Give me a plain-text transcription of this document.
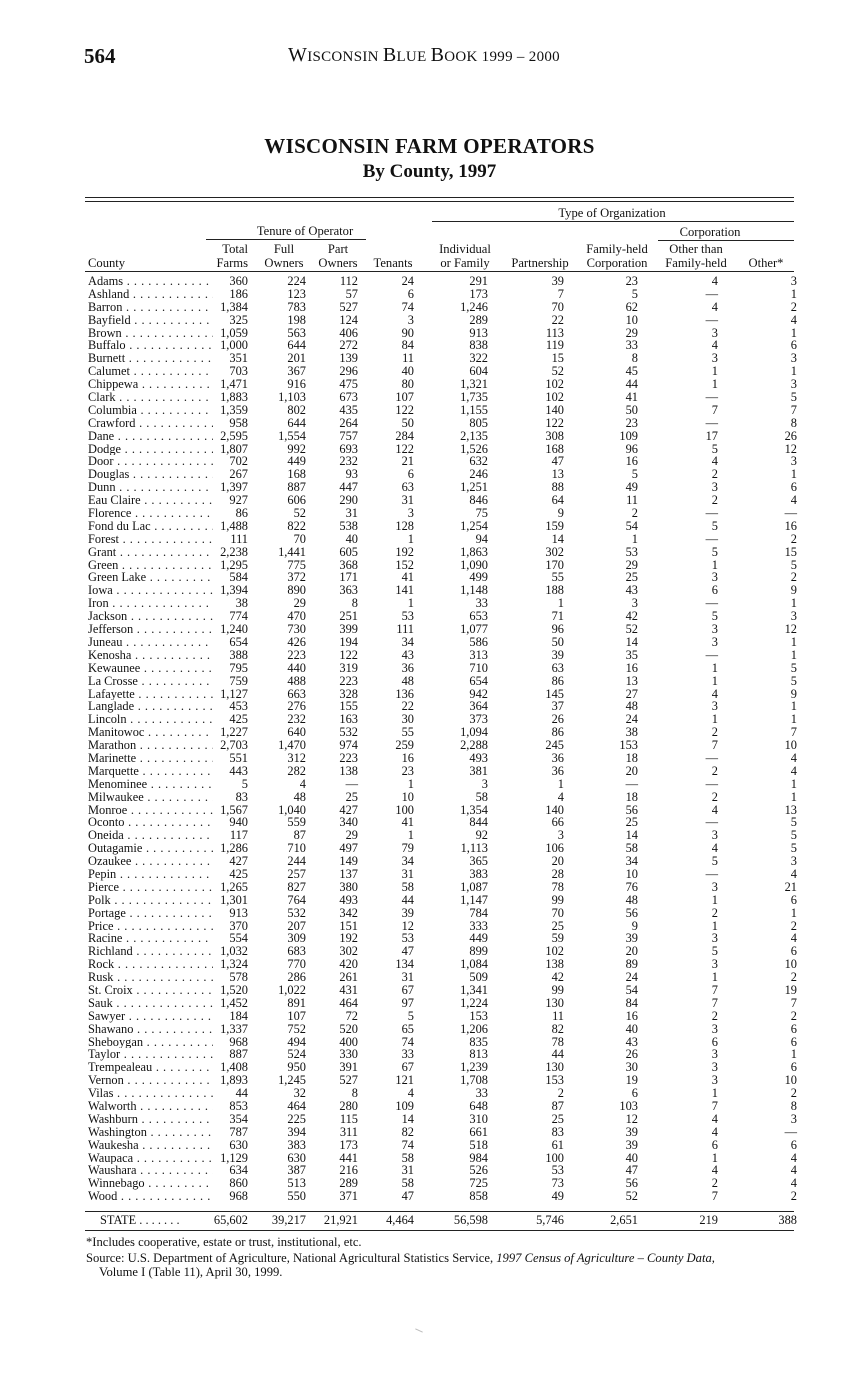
564	WISCONSIN BLUE BOOK 1999 – 2000
WISCONSIN FARM OPERATORS
By County, 1997
Type of Organization
Corporation
Tenure of Operator
County
Total
Farms
Full
Owners
Part
Owners	Tenants
Individual
or Family	Partnership
Family-held
Corporation
Other than
Family-held	Other*
Adams . . .	360	224	112	24	291	39	23	4	3
Ashland . . .	186	123	57	6	173	7	5	—	1
Barron . . .	1,384	783	527	74	1,246	70	62	4	2
Bayfield . . .	325	198	124	3	289	22	10	—	4
Brown . . .	1,059	563	406	90	913	113	29	3	1
Buffalo . . .	1,000	644	272	84	838	119	33	4	6
Burnett . . .	351	201	139	11	322	15	8	3	3
Calumet . . .	703	367	296	40	604	52	45	1	1
Chippewa . . .	1,471	916	475	80	1,321	102	44	1	3
Clark . . .	1,883	1,103	673	107	1,735	102	41	—	5
Columbia . . .	1,359	802	435	122	1,155	140	50	7	7
Crawford . . .	958	644	264	50	805	122	23	—	8
Dane . . .	2,595	1,554	757	284	2,135	308	109	17	26
Dodge . . .	1,807	992	693	122	1,526	168	96	5	12
Door . . .	702	449	232	21	632	47	16	4	3
Douglas . . .	267	168	93	6	246	13	5	2	1
Dunn . . .	1,397	887	447	63	1,251	88	49	3	6
Eau Claire . . .	927	606	290	31	846	64	11	2	4
Florence . . .	86	52	31	3	75	9	2	—	—
Fond du Lac . . .	1,488	822	538	128	1,254	159	54	5	16
Forest . . .	111	70	40	1	94	14	1	—	2
Grant . . .	2,238	1,441	605	192	1,863	302	53	5	15
Green . . .	1,295	775	368	152	1,090	170	29	1	5
Green Lake . . .	584	372	171	41	499	55	25	3	2
Iowa . . .	1,394	890	363	141	1,148	188	43	6	9
Iron . . .	38	29	8	1	33	1	3	—	1
Jackson . . .	774	470	251	53	653	71	42	5	3
Jefferson . . .	1,240	730	399	111	1,077	96	52	3	12
Juneau . . .	654	426	194	34	586	50	14	3	1
Kenosha . . .	388	223	122	43	313	39	35	—	1
Kewaunee . . .	795	440	319	36	710	63	16	1	5
La Crosse . . .	759	488	223	48	654	86	13	1	5
Lafayette . . .	1,127	663	328	136	942	145	27	4	9
Langlade . . .	453	276	155	22	364	37	48	3	1
Lincoln . . .	425	232	163	30	373	26	24	1	1
Manitowoc . . .	1,227	640	532	55	1,094	86	38	2	7
Marathon . . .	2,703	1,470	974	259	2,288	245	153	7	10
Marinette . . .	551	312	223	16	493	36	18	—	4
Marquette . . .	443	282	138	23	381	36	20	2	4
Menominee . . .	5	4	—	1	3	1	—	—	1
Milwaukee . . .	83	48	25	10	58	4	18	2	1
Monroe . . .	1,567	1,040	427	100	1,354	140	56	4	13
Oconto . . .	940	559	340	41	844	66	25	—	5
Oneida . . .	117	87	29	1	92	3	14	3	5
Outagamie . . .	1,286	710	497	79	1,113	106	58	4	5
Ozaukee . . .	427	244	149	34	365	20	34	5	3
Pepin . . .	425	257	137	31	383	28	10	—	4
Pierce . . .	1,265	827	380	58	1,087	78	76	3	21
Polk . . .	1,301	764	493	44	1,147	99	48	1	6
Portage . . .	913	532	342	39	784	70	56	2	1
Price . . .	370	207	151	12	333	25	9	1	2
Racine . . .	554	309	192	53	449	59	39	3	4
Richland . . .	1,032	683	302	47	899	102	20	5	6
Rock . . .	1,324	770	420	134	1,084	138	89	3	10
Rusk . . .	578	286	261	31	509	42	24	1	2
St. Croix . . .	1,520	1,022	431	67	1,341	99	54	7	19
Sauk . . .	1,452	891	464	97	1,224	130	84	7	7
Sawyer . . .	184	107	72	5	153	11	16	2	2
Shawano . . .	1,337	752	520	65	1,206	82	40	3	6
Sheboygan . . .	968	494	400	74	835	78	43	6	6
Taylor . . .	887	524	330	33	813	44	26	3	1
Trempealeau . . .	1,408	950	391	67	1,239	130	30	3	6
Vernon . . .	1,893	1,245	527	121	1,708	153	19	3	10
Vilas . . .	44	32	8	4	33	2	6	1	2
Walworth . . .	853	464	280	109	648	87	103	7	8
Washburn . . .	354	225	115	14	310	25	12	4	3
Washington . . .	787	394	311	82	661	83	39	4	—
Waukesha . . .	630	383	173	74	518	61	39	6	6
Waupaca . . .	1,129	630	441	58	984	100	40	1	4
Waushara . . .	634	387	216	31	526	53	47	4	4
Winnebago . . .	860	513	289	58	725	73	56	2	4
Wood . . .	968	550	371	47	858	49	52	7	2
STATE . . . . . . .	65,602	39,217	21,921	4,464	56,598	5,746	2,651	219	388
*Includes cooperative, estate or trust, institutional, etc.
Source: U.S. Department of Agriculture, National Agricultural Statistics Service, 1997 Census of Agriculture – County Data,
Volume I (Table 11), April 30, 1999.
